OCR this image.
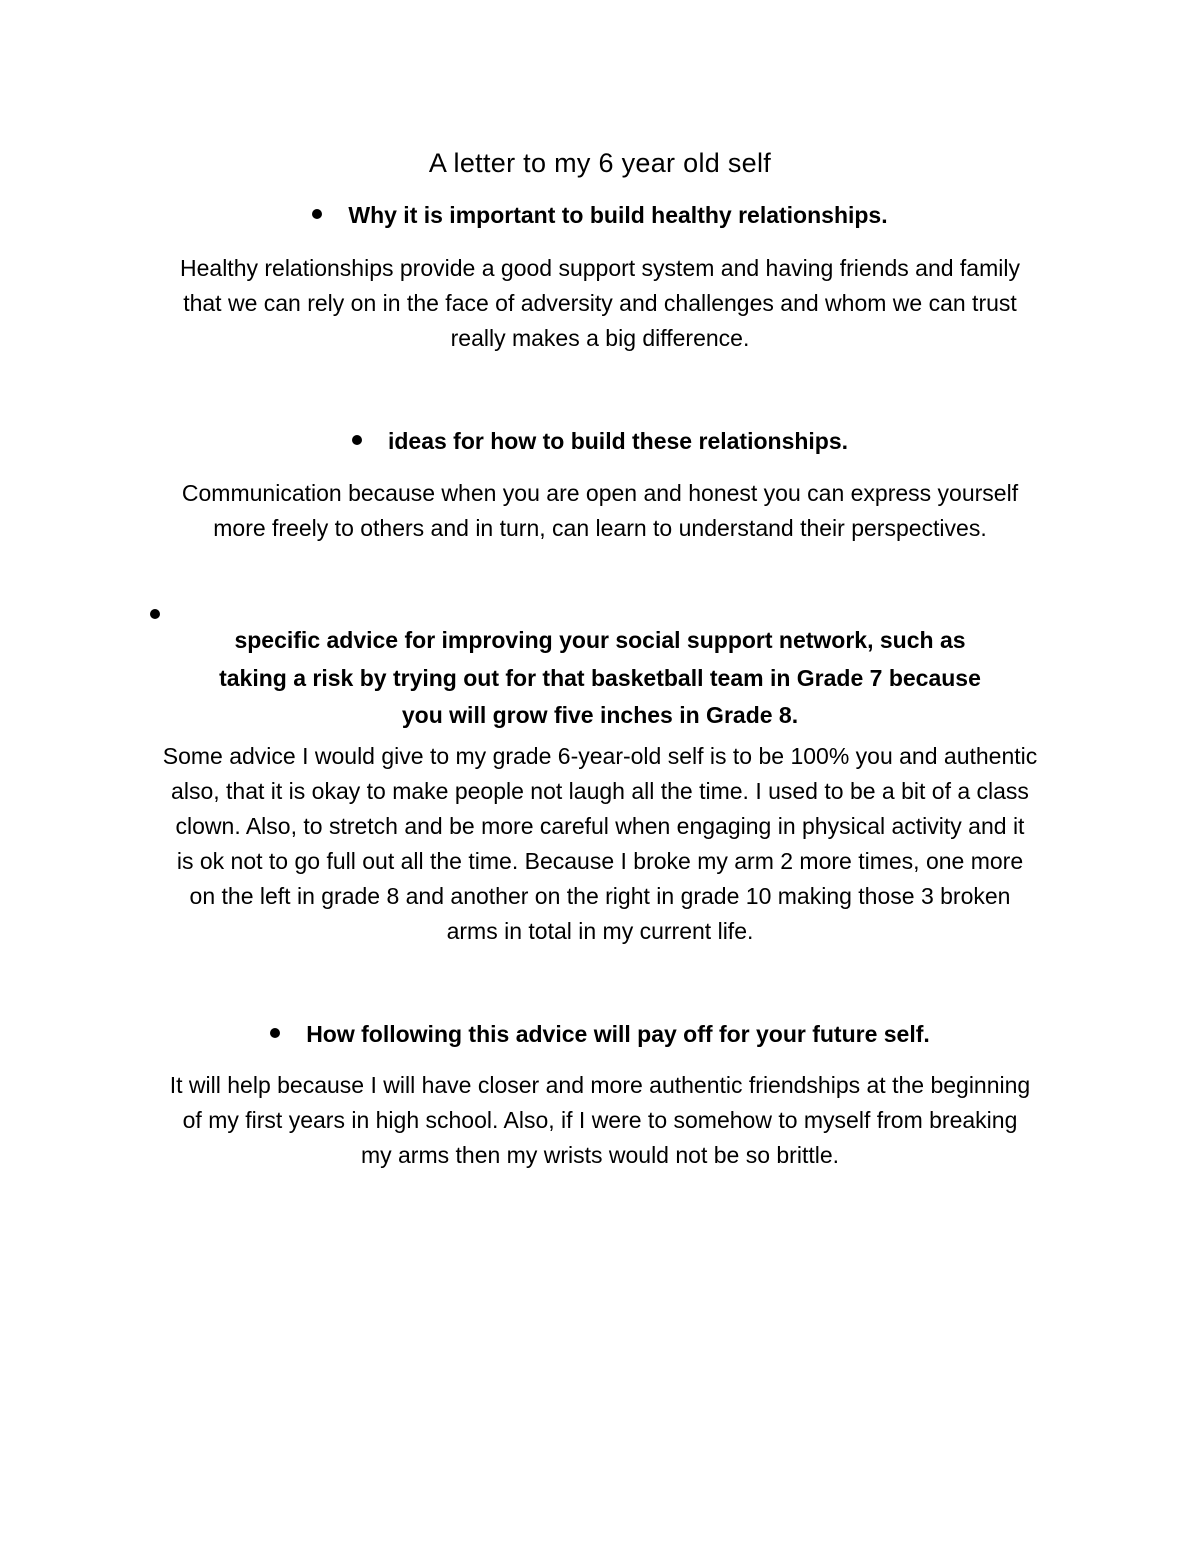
A letter to my 6 year old self
Why it is important to build healthy relationships.
Healthy relationships provide a good support system and having friends and family
that we can rely on in the face of adversity and challenges and whom we can trust
really makes a big difference.
ideas for how to build these relationships.
Communication because when you are open and honest you can express yourself
more freely to others and in turn, can learn to understand their perspectives.
specific advice for improving your social support network, such as
taking a risk by trying out for that basketball team in Grade 7 because
you will grow five inches in Grade 8.
Some advice I would give to my grade 6-year-old self is to be 100% you and authentic
also, that it is okay to make people not laugh all the time. I used to be a bit of a class
clown. Also, to stretch and be more careful when engaging in physical activity and it
is ok not to go full out all the time. Because I broke my arm 2 more times, one more
on the left in grade 8 and another on the right in grade 10 making those 3 broken
arms in total in my current life.
How following this advice will pay off for your future self.
It will help because I will have closer and more authentic friendships at the beginning
of my first years in high school. Also, if I were to somehow to myself from breaking
my arms then my wrists would not be so brittle.
